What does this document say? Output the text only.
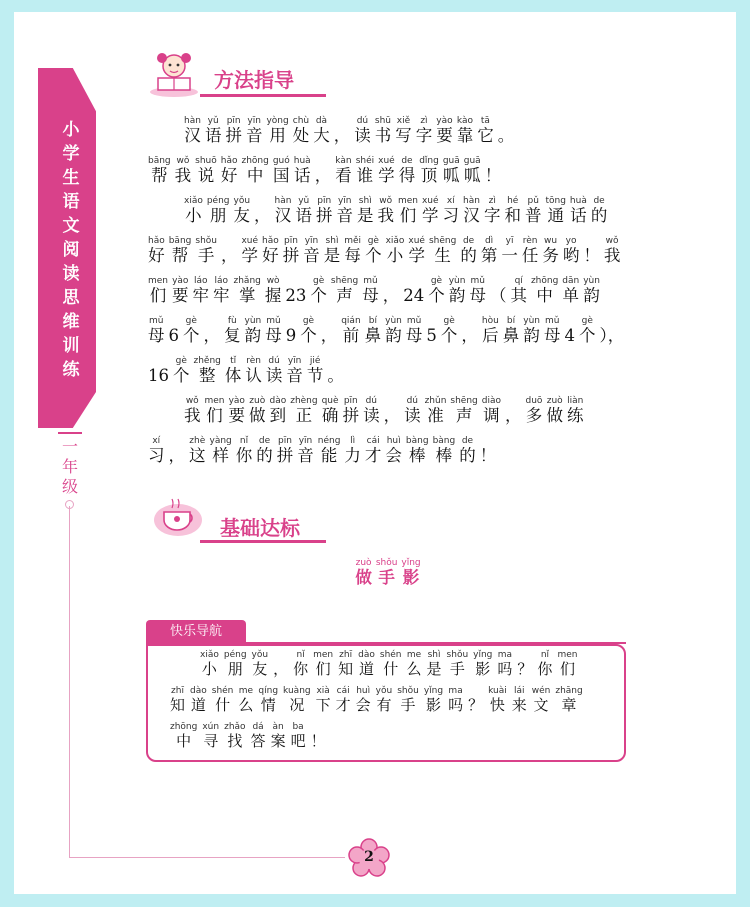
小
学
生
语
文
阅
读
思
维
训
练
一
年
级
方法指导
汉hàn语yǔ拼pīn音yīn用yòng处chù大dà， 读dú书shū写xiě字zì要yào靠kào它tā。
帮bāng我wǒ说shuō好hǎo中zhōng国guó话huà， 看kàn谁shéi学xué得de顶dǐng呱guā呱guā！
小xiǎo朋péng友yǒu， 汉hàn语yǔ拼pīn音yīn是shì我wǒ们men学xué习xí汉hàn字zì和hé普pǔ通tōng话huà的de
好hǎo帮bāng手shǒu， 学xué好hǎo拼pīn音yīn是shì每měi个gè小xiǎo学xué生shēng的de第dì一yī任rèn务wu哟yo！ 我wǒ
们men要yào牢láo牢láo掌zhǎng握wò23 个gè声shēng母mǔ， 24 个gè韵yùn母mǔ（ 其qí中zhōng单dān韵yùn
母mǔ6 个gè， 复fù韵yùn母mǔ9 个gè， 前qián鼻bí韵yùn母mǔ5 个gè， 后hòu鼻bí韵yùn母mǔ4 个gè），
16 个gè整zhěng体tǐ认rèn读dú音yīn节jié。
我wǒ们men要yào做zuò到dào正zhèng确què拼pīn读dú， 读dú准zhǔn声shēng调diào， 多duō做zuò练liàn
习xí， 这zhè样yàng你nǐ的de拼pīn音yīn能néng力lì才cái会huì棒bàng棒bàng的de！
基础达标
做zuò手shǒu影yǐng
快乐导航
小xiǎo朋péng友yǒu， 你nǐ们men知zhī道dào什shén么me是shì手shǒu影yǐng吗ma？ 你nǐ们men
知zhī道dào什shén么me情qíng况kuàng下xià才cái会huì有yǒu手shǒu影yǐng吗ma？ 快kuài来lái文wén章zhāng
中zhōng寻xún找zhǎo答dá案àn吧ba！
2
